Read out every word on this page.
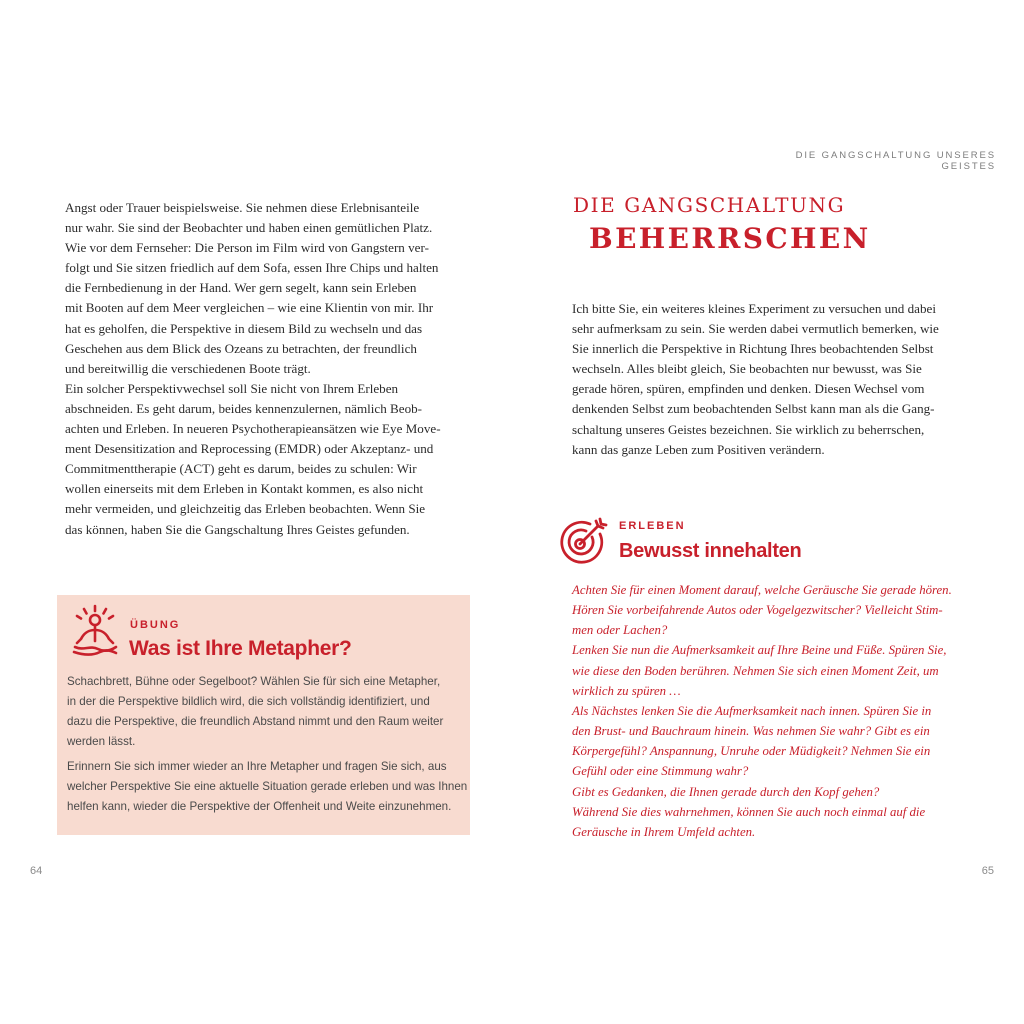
DIE GANGSCHALTUNG UNSERES GEISTES
Angst oder Trauer beispielsweise. Sie nehmen diese Erlebnisanteile
nur wahr. Sie sind der Beobachter und haben einen gemütlichen Platz.
Wie vor dem Fernseher: Die Person im Film wird von Gangstern ver-
folgt und Sie sitzen friedlich auf dem Sofa, essen Ihre Chips und halten
die Fernbedienung in der Hand. Wer gern segelt, kann sein Erleben
mit Booten auf dem Meer vergleichen – wie eine Klientin von mir. Ihr
hat es geholfen, die Perspektive in diesem Bild zu wechseln und das
Geschehen aus dem Blick des Ozeans zu betrachten, der freundlich
und bereitwillig die verschiedenen Boote trägt.
Ein solcher Perspektivwechsel soll Sie nicht von Ihrem Erleben
abschneiden. Es geht darum, beides kennenzulernen, nämlich Beob-
achten und Erleben. In neueren Psychotherapieansätzen wie Eye Move-
ment Desensitization and Reprocessing (EMDR) oder Akzeptanz- und
Commitmenttherapie (ACT) geht es darum, beides zu schulen: Wir
wollen einerseits mit dem Erleben in Kontakt kommen, es also nicht
mehr vermeiden, und gleichzeitig das Erleben beobachten. Wenn Sie
das können, haben Sie die Gangschaltung Ihres Geistes gefunden.
ÜBUNG
Was ist Ihre Metapher?
Schachbrett, Bühne oder Segelboot? Wählen Sie für sich eine Metapher,
in der die Perspektive bildlich wird, die sich vollständig identifiziert, und
dazu die Perspektive, die freundlich Abstand nimmt und den Raum weiter
werden lässt.
Erinnern Sie sich immer wieder an Ihre Metapher und fragen Sie sich, aus
welcher Perspektive Sie eine aktuelle Situation gerade erleben und was Ihnen
helfen kann, wieder die Perspektive der Offenheit und Weite einzunehmen.
DIE GANGSCHALTUNG
BEHERRSCHEN
Ich bitte Sie, ein weiteres kleines Experiment zu versuchen und dabei
sehr aufmerksam zu sein. Sie werden dabei vermutlich bemerken, wie
Sie innerlich die Perspektive in Richtung Ihres beobachtenden Selbst
wechseln. Alles bleibt gleich, Sie beobachten nur bewusst, was Sie
gerade hören, spüren, empfinden und denken. Diesen Wechsel vom
denkenden Selbst zum beobachtenden Selbst kann man als die Gang-
schaltung unseres Geistes bezeichnen. Sie wirklich zu beherrschen,
kann das ganze Leben zum Positiven verändern.
ERLEBEN
Bewusst innehalten
Achten Sie für einen Moment darauf, welche Geräusche Sie gerade hören.
Hören Sie vorbeifahrende Autos oder Vogelgezwitscher? Vielleicht Stim-
men oder Lachen?
Lenken Sie nun die Aufmerksamkeit auf Ihre Beine und Füße. Spüren Sie,
wie diese den Boden berühren. Nehmen Sie sich einen Moment Zeit, um
wirklich zu spüren …
Als Nächstes lenken Sie die Aufmerksamkeit nach innen. Spüren Sie in
den Brust- und Bauchraum hinein. Was nehmen Sie wahr? Gibt es ein
Körpergefühl? Anspannung, Unruhe oder Müdigkeit? Nehmen Sie ein
Gefühl oder eine Stimmung wahr?
Gibt es Gedanken, die Ihnen gerade durch den Kopf gehen?
Während Sie dies wahrnehmen, können Sie auch noch einmal auf die
Geräusche in Ihrem Umfeld achten.
64	65
